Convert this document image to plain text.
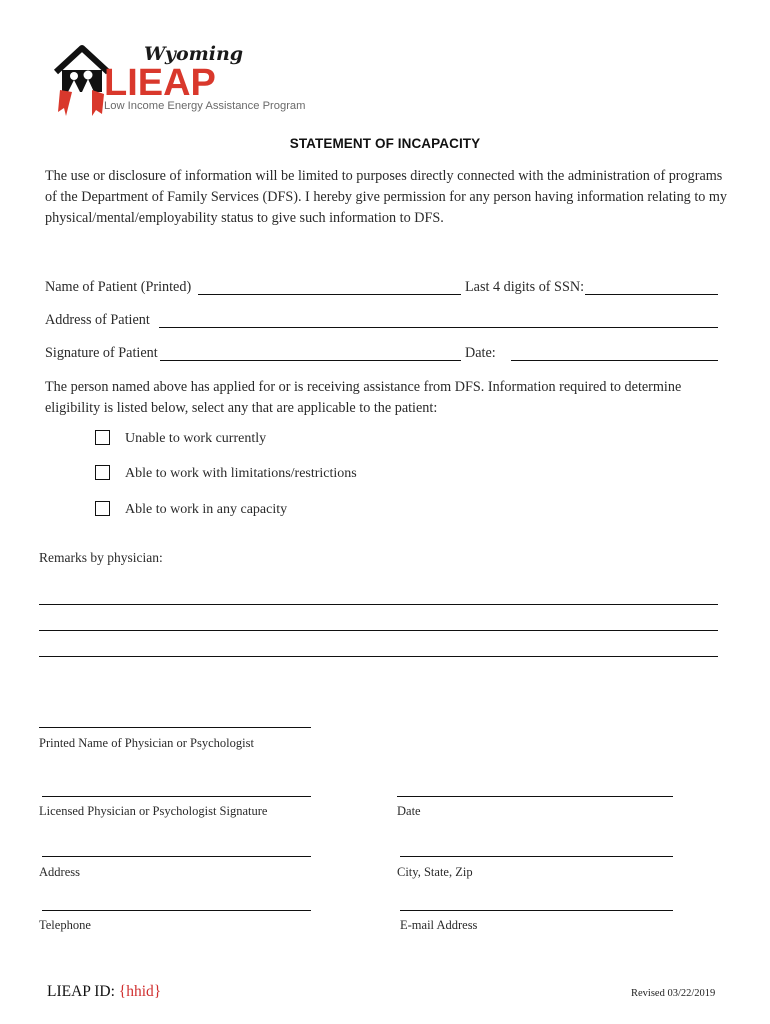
Wyoming
LIEAP
Low Income Energy Assistance Program
STATEMENT OF INCAPACITY
The use or disclosure of information will be limited to purposes directly connected with the administration of programs of the Department of Family Services (DFS). I hereby give permission for any person having information relating to my physical/mental/employability status to give such information to DFS.
Name of Patient (Printed)	Last 4 digits of SSN:
Address of Patient
Signature of Patient	Date:
The person named above has applied for or is receiving assistance from DFS. Information required to determine eligibility is listed below, select any that are applicable to the patient:
Unable to work currently
Able to work with limitations/restrictions
Able to work in any capacity
Remarks by physician:
Printed Name of Physician or Psychologist
Licensed Physician or Psychologist Signature	Date
Address	City, State, Zip
Telephone	E-mail Address
LIEAP ID: {hhid}	Revised 03/22/2019
